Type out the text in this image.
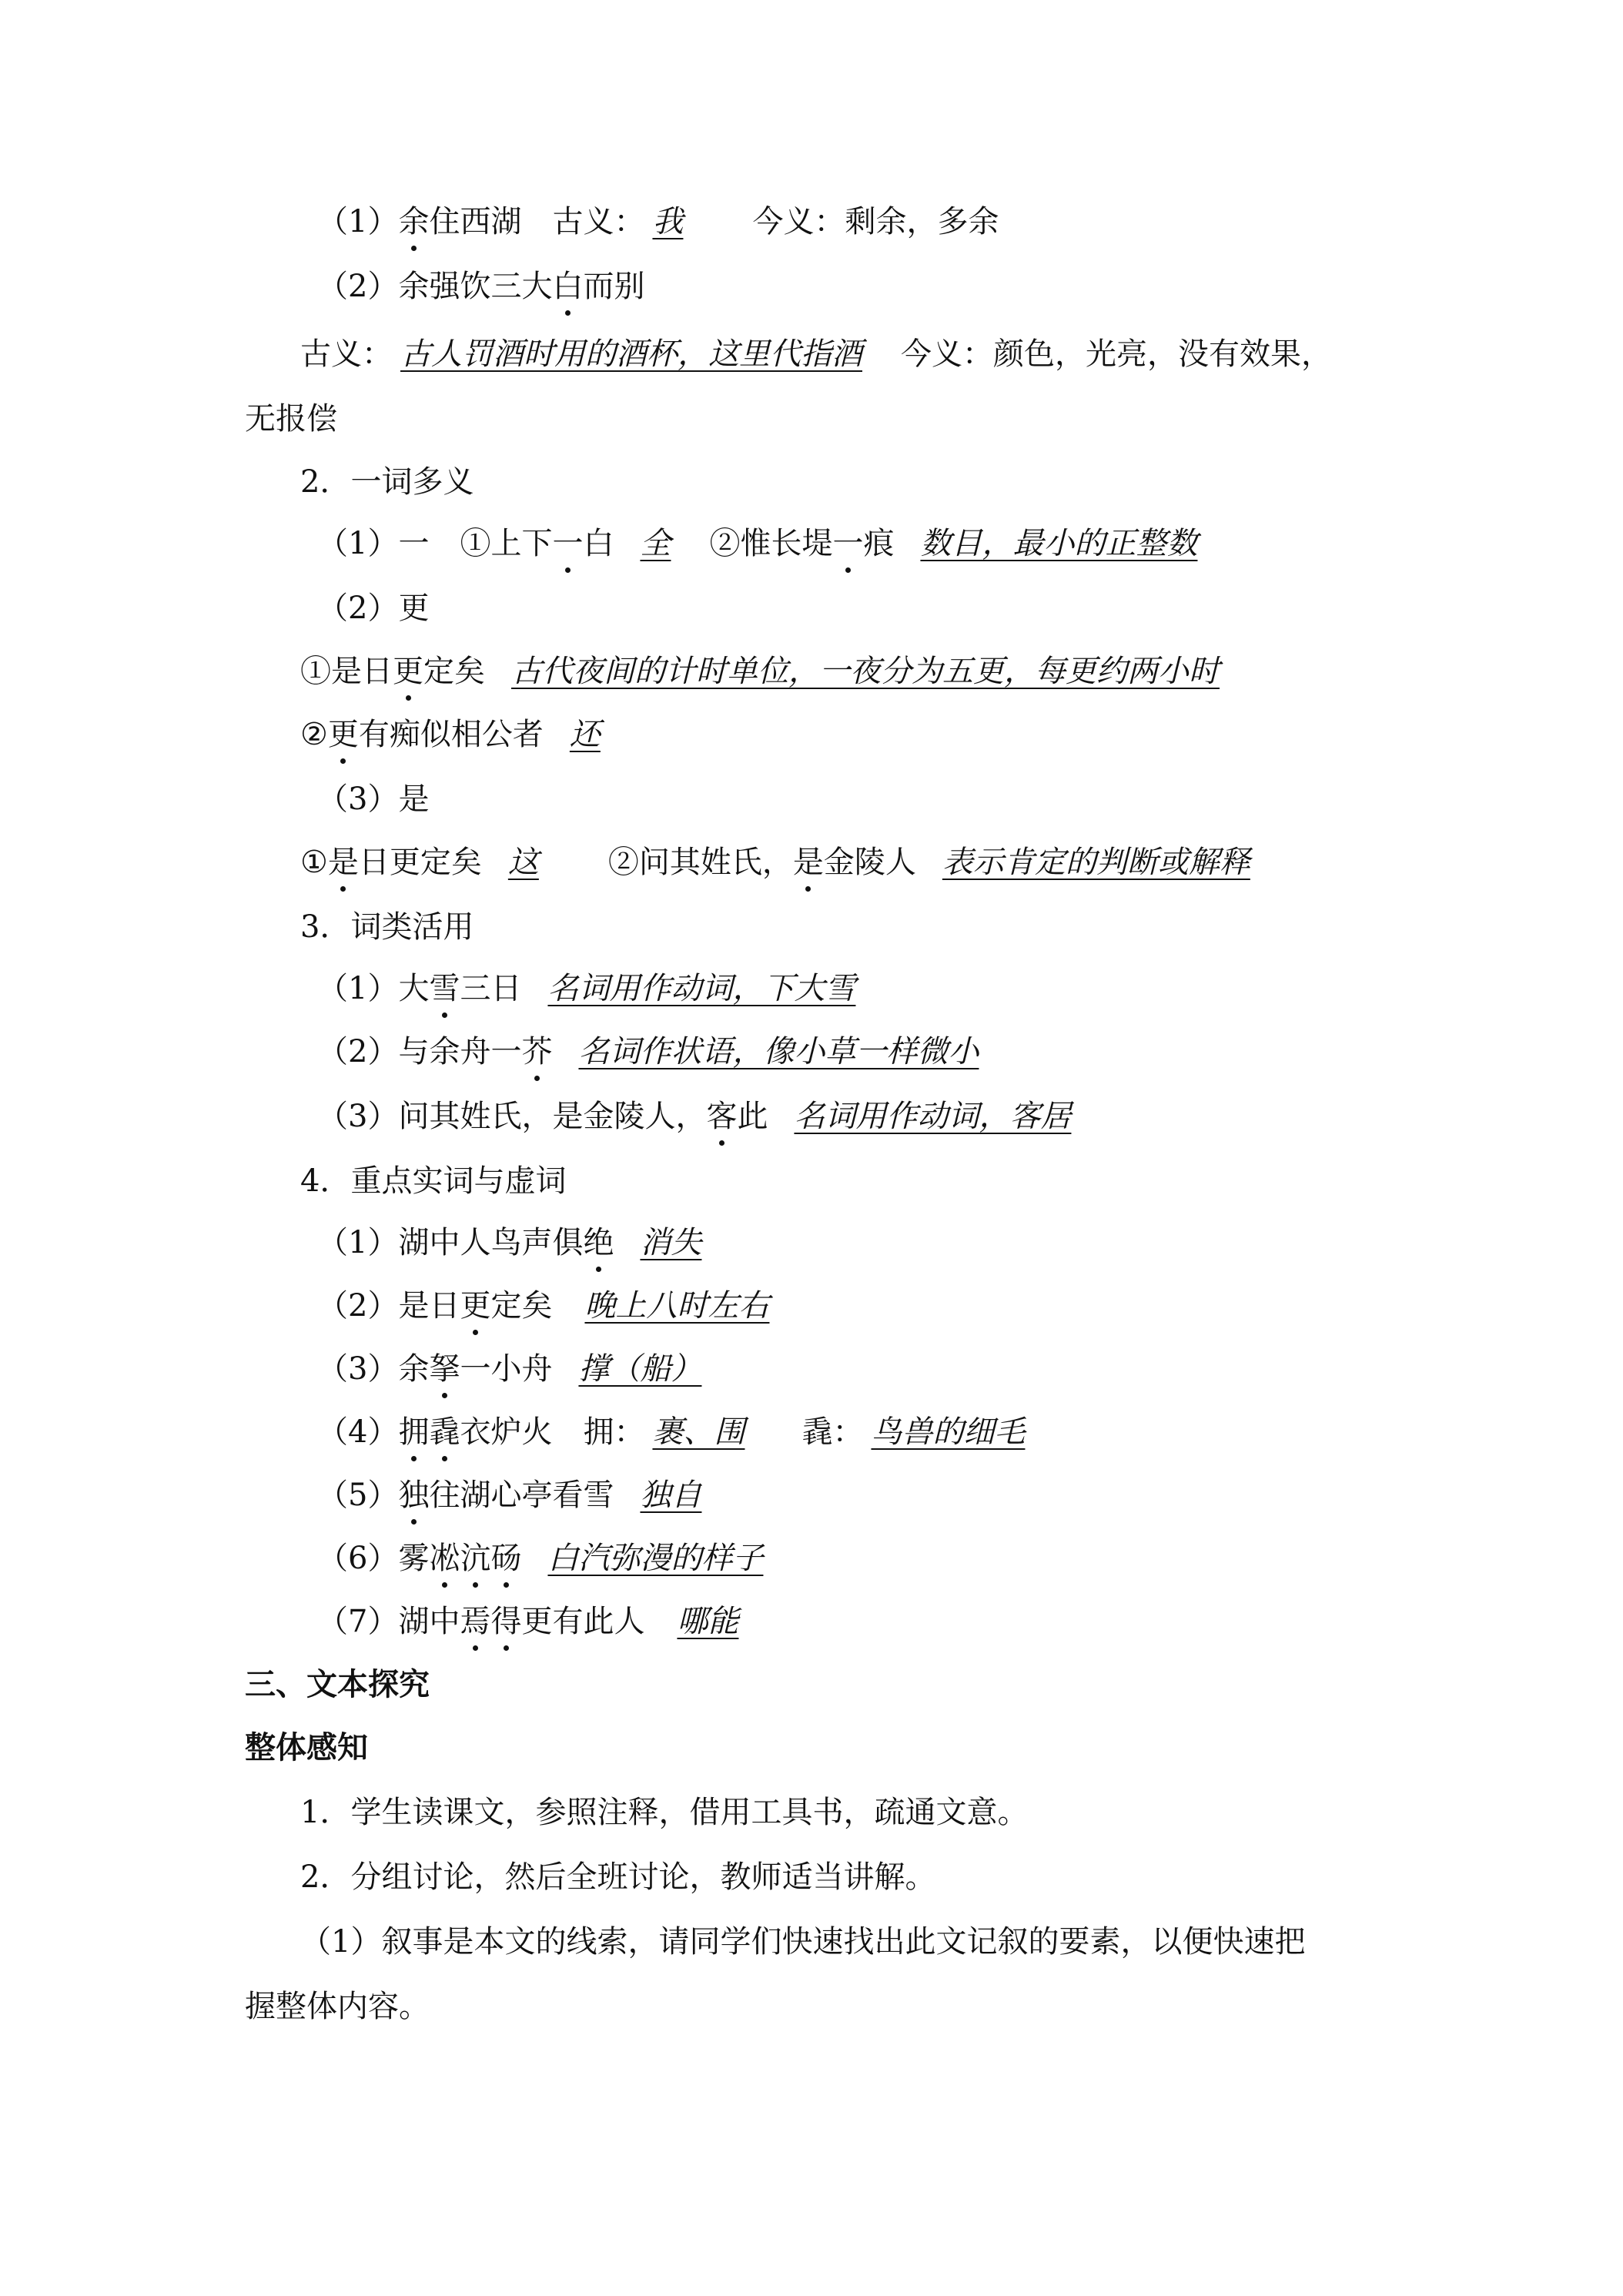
（1）余住西湖　古义： 我　今义：剩余，多余
（2）余强饮三大白而别
古义： 古人罚酒时用的酒杯，这里代指酒　今义：颜色，光亮，没有效果，
无报偿
2．一词多义
（1）一　①上下一白 全　②惟长堤一痕 数目，最小的正整数
（2）更
①是日更定矣 古代夜间的计时单位，一夜分为五更，每更约两小时
②更有痴似相公者 还
（3）是
①是日更定矣 这　②问其姓氏，是金陵人 表示肯定的判断或解释
3．词类活用
（1）大雪三日 名词用作动词，下大雪
（2）与余舟一芥 名词作状语，像小草一样微小
（3）问其姓氏，是金陵人，客此 名词用作动词，客居
4．重点实词与虚词
（1）湖中人鸟声俱绝 消失
（2）是日更定矣 晚上八时左右
（3）余拏一小舟 撑（船）
（4）拥毳衣炉火　拥： 裹、围　毳： 鸟兽的细毛
（5）独往湖心亭看雪 独自
（6）雾凇沆砀 白汽弥漫的样子
（7）湖中焉得更有此人 哪能
三、文本探究
整体感知
1．学生读课文，参照注释，借用工具书，疏通文意。
2．分组讨论，然后全班讨论，教师适当讲解。
（1）叙事是本文的线索，请同学们快速找出此文记叙的要素，以便快速把
握整体内容。
